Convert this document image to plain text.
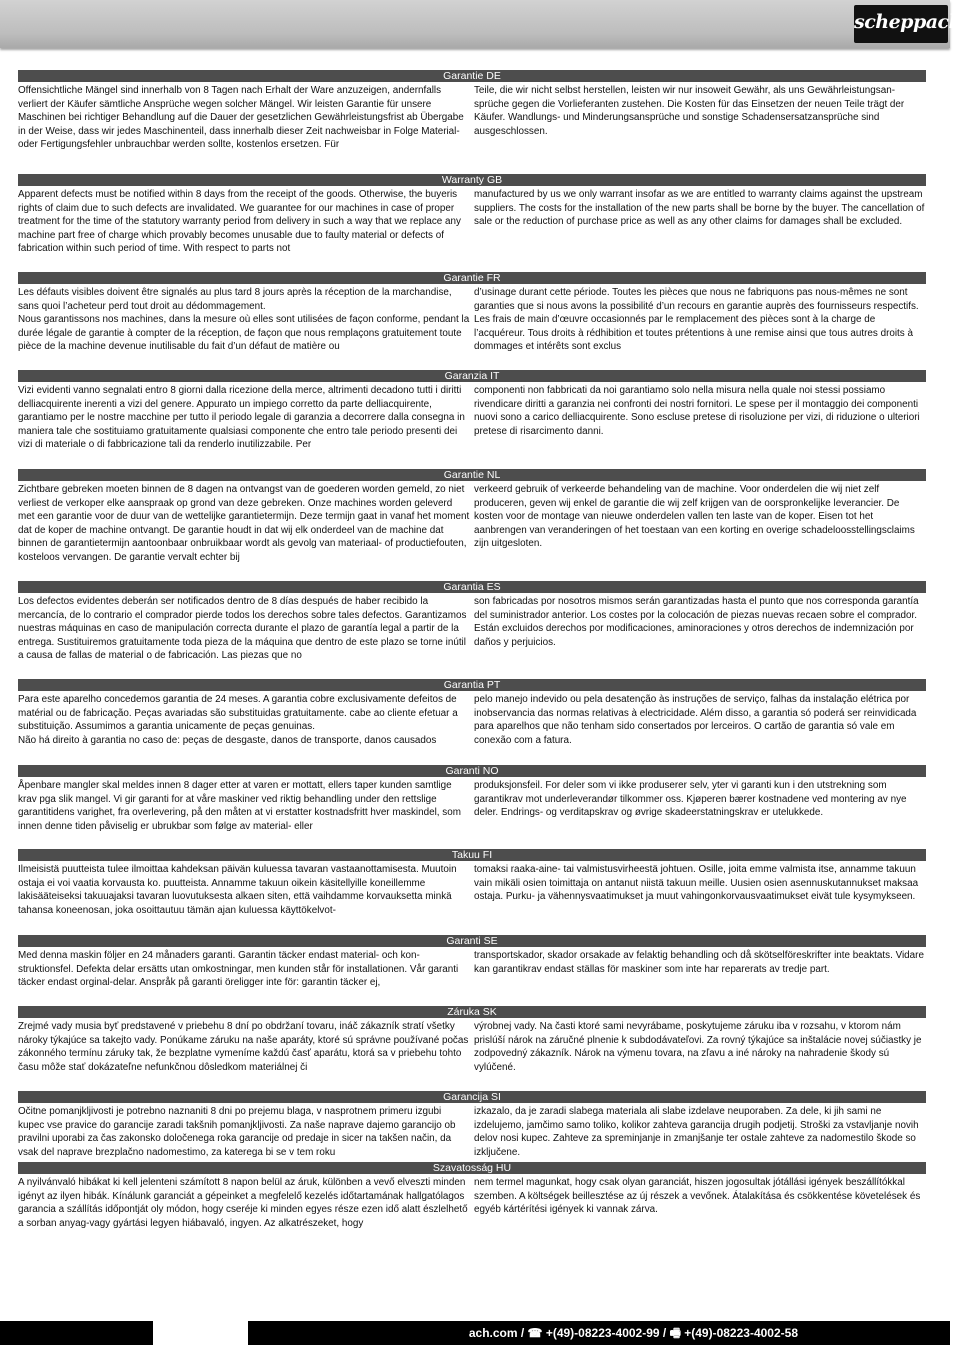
scheppach
Garantie DE
Offensichtliche Mängel sind innerhalb von 8 Tagen nach Erhalt der Ware anzuzeigen, andernfalls verliert der Käufer sämtliche Ansprüche wegen solcher Mängel. Wir leisten Garantie für unsere Maschinen bei richtiger Behandlung auf die Dauer der gesetzlichen Gewährleistungsfrist ab Übergabe in der Weise, dass wir jedes Maschinenteil, dass innerhalb dieser Zeit nachweisbar in Folge Material- oder Fertigungsfehler unbrauchbar werden sollte, kostenlos ersetzen. Für
Teile, die wir nicht selbst herstellen, leisten wir nur insoweit Gewähr, als uns Gewährleistungsansprüche gegen die Vorlieferanten zustehen. Die Kosten für das Einsetzen der neuen Teile trägt der Käufer. Wandlungs- und Minderungsansprüche und sonstige Schadensersatzansprüche sind ausgeschlossen.
Warranty GB
Apparent defects must be notified within 8 days from the receipt of the goods. Otherwise, the buyeris rights of claim due to such defects are invalidated. We guarantee for our machines in case of proper treatment for the time of the statutory warranty period from delivery in such a way that we replace any machine part free of charge which provably becomes unusable due to faulty material or defects of fabrication within such period of time. With respect to parts not
manufactured by us we only warrant insofar as we are entitled to warranty claims against the upstream suppliers. The costs for the installation of the new parts shall be borne by the buyer. The cancellation of sale or the reduction of purchase price as well as any other claims for damages shall be excluded.
Garantie FR
Les défauts visibles doivent être signalés au plus tard 8 jours après la réception de la marchandise, sans quoi l’acheteur perd tout droit au dédommagement.
Nous garantissons nos machines, dans la mesure où elles sont utilisées de façon conforme, pendant la durée légale de garantie à compter de la réception, de façon que nous remplaçons gratuitement toute pièce de la machine devenue inutilisable du fait d’un défaut de matière ou
d’usinage durant cette période. Toutes les pièces que nous ne fabriquons pas nous-mêmes ne sont garanties que si nous avons la possibilité d’un recours en garantie auprès des fournisseurs respectifs. Les frais de main d’œuvre occasionnés par le remplacement des pièces sont à la charge de l’acquéreur. Tous droits à rédhibition et toutes prétentions à une remise ainsi que tous autres droits à dommages et intérêts sont exclus
Garanzia IT
Vizi evidenti vanno segnalati entro 8 giorni dalla ricezione della merce, altrimenti decadono tutti i diritti delliacquirente inerenti a vizi del genere. Appurato un impiego corretto da parte delliacquirente, garantiamo per le nostre macchine per tutto il periodo legale di garanzia a decorrere dalla consegna in maniera tale che sostituiamo gratuitamente qualsiasi componente che entro tale periodo presenti dei vizi di materiale o di fabbricazione tali da renderlo inutilizzabile. Per
componenti non fabbricati da noi garantiamo solo nella misura nella quale noi stessi possiamo rivendicare diritti a garanzia nei confronti dei nostri fornitori. Le spese per il montaggio dei componenti nuovi sono a carico delliacquirente. Sono escluse pretese di risoluzione per vizi, di riduzione o ulteriori pretese di risarcimento danni.
Garantie NL
Zichtbare gebreken moeten binnen de 8 dagen na ontvangst van de goederen worden gemeld, zo niet verliest de verkoper elke aanspraak op grond van deze gebreken. Onze machines worden geleverd met een garantie voor de duur van de wettelijke garantietermijn. Deze termijn gaat in vanaf het moment dat de koper de machine ontvangt. De garantie houdt in dat wij elk onderdeel van de machine dat binnen de garantietermijn aantoonbaar onbruikbaar wordt als gevolg van materiaal- of productiefouten, kosteloos vervangen. De garantie vervalt echter bij
verkeerd gebruik of verkeerde behandeling van de machine. Voor onderdelen die wij niet zelf produceren, geven wij enkel de garantie die wij zelf krijgen van de oorspronkelijke leverancier. De kosten voor de montage van nieuwe onderdelen vallen ten laste van de koper. Eisen tot het aanbrengen van veranderingen of het toestaan van een korting en overige schadeloosstellingsclaims zijn uitgesloten.
Garantia ES
Los defectos evidentes deberán ser notificados dentro de 8 días después de haber recibido la mercancía, de lo contrario el comprador pierde todos los derechos sobre tales defectos. Garantizamos nuestras máquinas en caso de manipulación correcta durante el plazo de garantía legal a partir de la entrega. Sustituiremos gratuitamente toda pieza de la máquina que dentro de este plazo se torne inútil a causa de fallas de material o de fabricación. Las piezas que no
son fabricadas por nosotros mismos serán garantizadas hasta el punto que nos corresponda garantía del suministrador anterior. Los costes por la colocación de piezas nuevas recaen sobre el comprador. Están excluidos derechos por modificaciones, aminoraciones y otros derechos de indemnización por daños y perjuicios.
Garantia PT
Para este aparelho concedemos garantia de 24 meses. A garantia cobre exclusivamente defeitos de matérial ou de fabricação. Peças avariadas são substituidas gratuitamente. cabe ao cliente efetuar a substituição. Assumimos a garantia unicamente de peças genuinas.
Não há direito à garantia no caso de: peças de desgaste, danos de transporte, danos causados
pelo manejo indevido ou pela desatenção às instruções de serviço, falhas da instalação elétrica por inobservancia das normas relativas à electricidade. Além disso, a garantia só poderá ser reinvidicada para aparelhos que não tenham sido consertados por lerceiros. O cartão de garantia só vale em conexão com a fatura.
Garanti NO
Åpenbare mangler skal meldes innen 8 dager etter at varen er mottatt, ellers taper kunden samtlige krav pga slik mangel. Vi gir garanti for at våre maskiner ved riktig behandling under den rettslige garantitidens varighet, fra overlevering, på den måten at vi erstatter kostnadsfritt hver maskindel, som innen denne tiden påviselig er ubrukbar som følge av material- eller
produksjonsfeil. For deler som vi ikke produserer selv, yter vi garanti kun i den utstrekning som garantikrav mot underleverandør tilkommer oss. Kjøperen bærer kostnadene ved montering av nye deler. Endrings- og verditapskrav og øvrige skadeerstatningskrav er utelukkede.
Takuu FI
Ilmeisistä puutteista tulee ilmoittaa kahdeksan päivän kuluessa tavaran vastaanottamisesta. Muutoin ostaja ei voi vaatia korvausta ko. puutteista. Annamme takuun oikein käsitellyille koneillemme lakisääteiseksi takuuajaksi tavaran luovutuksesta alkaen siten, että vaihdamme korvauksetta minkä tahansa koneenosan, joka osoittautuu tämän ajan kuluessa käyttökelvot-
tomaksi raaka-aine- tai valmistusvirheestä johtuen. Osille, joita emme valmista itse, annamme takuun vain mikäli osien toimittaja on antanut niistä takuun meille. Uusien osien asennuskutannukset maksaa ostaja. Purku- ja vähennysvaatimukset ja muut vahingonkorvausvaatimukset eivät tule kysymykseen.
Garanti SE
Med denna maskin följer en 24 månaders garanti. Garantin täcker endast material- och konstruktionsfel. Defekta delar ersätts utan omkostningar, men kunden står för installationen. Vår garanti täcker endast orginal-delar. Anspråk på garanti öreligger inte för: garantin täcker ej,
transportskador, skador orsakade av felaktig behandling och då skötselföreskrifter inte beaktats. Vidare kan garantikrav endast ställas för maskiner som inte har reparerats av tredje part.
Záruka SK
Zrejmé vady musia byť predstavené v priebehu 8 dní po obdržaní tovaru, ináč zákazník stratí všetky nároky týkajúce sa takejto vady. Ponúkame záruku na naše aparáty, ktoré sú správne používané počas zákonného termínu záruky tak, že bezplatne vymeníme každú časť aparátu, ktorá sa v priebehu tohto času môže stať dokázateľne nefunkčnou dôsledkom materiálnej či
výrobnej vady. Na časti ktoré sami nevyrábame, poskytujeme záruku iba v rozsahu, v ktorom nám prislúší nárok na záručné plnenie k subdodávateľovi. Za rovný týkajúce sa inštalácie novej súčiastky je zodpovedný zákazník. Nárok na výmenu tovara, na zľavu a iné nároky na nahradenie škody sú vylúčené.
Garancija SI
Očitne pomanjkljivosti je potrebno naznaniti 8 dni po prejemu blaga, v nasprotnem primeru izgubi kupec vse pravice do garancije zaradi takšnih pomanjkljivosti. Za naše naprave dajemo garancijo ob pravilni uporabi za čas zakonsko določenega roka garancije od predaje in sicer na takšen način, da vsak del naprave brezplačno nadomestimo, za katerega bi se v tem roku
izkazalo, da je zaradi slabega materiala ali slabe izdelave neuporaben. Za dele, ki jih sami ne izdelujemo, jamčimo samo toliko, kolikor zahteva garancija drugih podjetij. Stroški za vstavljanje novih delov nosi kupec. Zahteve za spreminjanje in zmanjšanje ter ostale zahteve za nadomestilo škode so izključene.
Szavatosság HU
A nyilvánvaló hibákat ki kell jelenteni számított 8 napon belül az áruk, különben a vevő elveszti minden igényt az ilyen hibák. Kínálunk garanciát a gépeinket a megfelelő kezelés időtartamának hallgatólagos garancia a szállítás időpontját oly módon, hogy cseréje ki minden egyes része ezen idő alatt észlelhető a sorban anyag-vagy gyártási legyen hiábavaló, ingyen. Az alkatrészeket, hogy
nem termel magunkat, hogy csak olyan garanciát, hiszen jogosultak jótállási igények beszállítókkal szemben. A költségek beillesztése az új részek a vevőnek. Átalakítása és csökkentése követelések és egyéb kártérítési igények ki vannak zárva.
ach.com / ☎ +(49)-08223-4002-99 / 🖷 +(49)-08223-4002-58
